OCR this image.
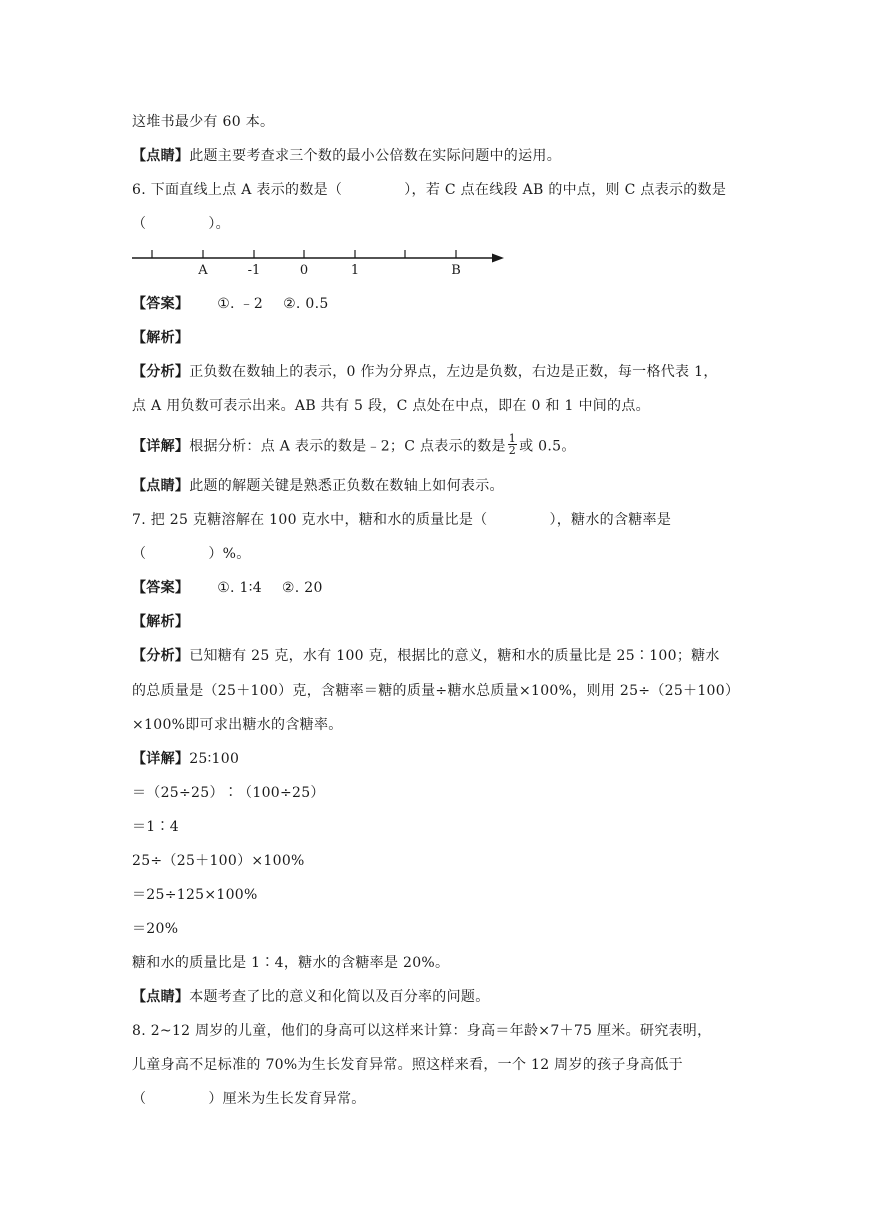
这堆书最少有 60 本。
【点睛】此题主要考查求三个数的最小公倍数在实际问题中的运用。
6. 下面直线上点 A 表示的数是（	），若 C 点在线段 AB 的中点，则 C 点表示的数是
（	）。
A	-1	0	1	B
【答案】 ①. ﹣2 ②. 0.5
【解析】
【分析】正负数在数轴上的表示，0 作为分界点，左边是负数，右边是正数，每一格代表 1，
点 A 用负数可表示出来。AB 共有 5 段，C 点处在中点，即在 0 和 1 中间的点。
【详解】根据分析：点 A 表示的数是﹣2；C 点表示的数是 $\frac{1}{2}$ 或 0.5。
【点睛】此题的解题关键是熟悉正负数在数轴上如何表示。
7. 把 25 克糖溶解在 100 克水中，糖和水的质量比是（	），糖水的含糖率是
（	）%。
【答案】 ①. 1∶4 ②. 20
【解析】
【分析】已知糖有 25 克，水有 100 克，根据比的意义，糖和水的质量比是 25∶100；糖水
的总质量是（25＋100）克，含糖率＝糖的质量÷糖水总质量×100%，则用 25÷（25＋100）
×100%即可求出糖水的含糖率。
【详解】25∶100
＝（25÷25）∶（100÷25）
＝1∶4
25÷（25＋100）×100%
＝25÷125×100%
＝20%
糖和水的质量比是 1∶4，糖水的含糖率是 20%。
【点睛】本题考查了比的意义和化简以及百分率的问题。
8. 2~12 周岁的儿童，他们的身高可以这样来计算：身高＝年龄×7＋75 厘米。研究表明，
儿童身高不足标准的 70%为生长发育异常。照这样来看，一个 12 周岁的孩子身高低于
（	）厘米为生长发育异常。
